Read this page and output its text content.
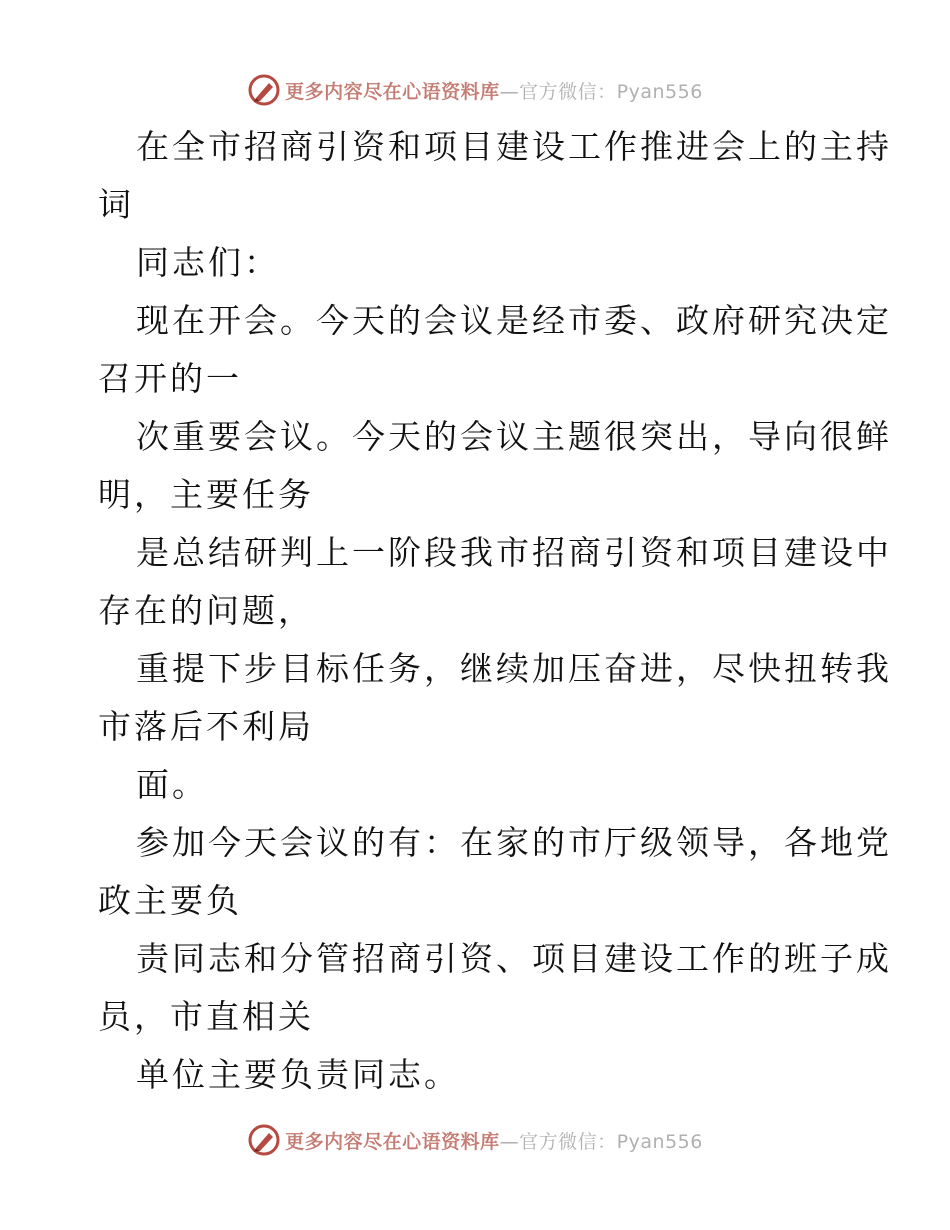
更多内容尽在心语资料库—官方微信：Pyan556
在全市招商引资和项目建设工作推进会上的主持
词
同志们：
现在开会。今天的会议是经市委、政府研究决定
召开的一
次重要会议。今天的会议主题很突出，导向很鲜
明，主要任务
是总结研判上一阶段我市招商引资和项目建设中
存在的问题，
重提下步目标任务，继续加压奋进，尽快扭转我
市落后不利局
面。
参加今天会议的有：在家的市厅级领导，各地党
政主要负
责同志和分管招商引资、项目建设工作的班子成
员，市直相关
单位主要负责同志。
更多内容尽在心语资料库—官方微信：Pyan556
